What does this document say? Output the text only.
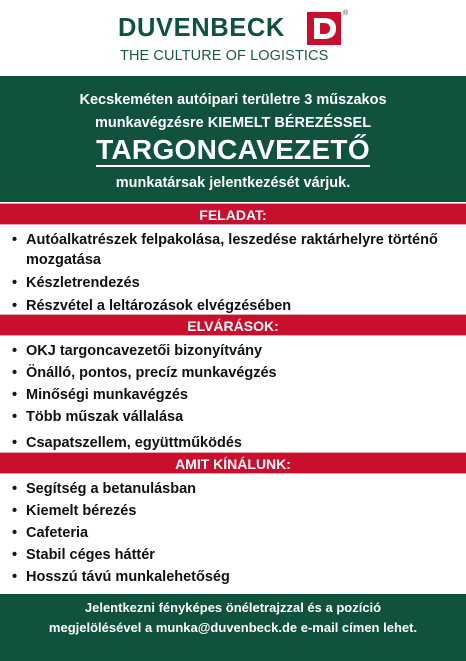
DUVENBECK
®
THE CULTURE OF LOGISTICS
Kecskeméten autóipari területre 3 műszakos
munkavégzésre KIEMELT BÉREZÉSSEL
TARGONCAVEZETŐ
munkatársak jelentkezését várjuk.
FELADAT:
• Autóalkatrészek felpakolása, leszedése raktárhelyre történő mozgatása
• Készletrendezés
• Részvétel a leltározások elvégzésében
ELVÁRÁSOK:
• OKJ targoncavezetői bizonyítvány
• Önálló, pontos, precíz munkavégzés
• Minőségi munkavégzés
• Több műszak vállalása
• Csapatszellem, együttműködés
AMIT KÍNÁLUNK:
• Segítség a betanulásban
• Kiemelt bérezés
• Cafeteria
• Stabil céges háttér
• Hosszú távú munkalehetőség
Jelentkezni fényképes önéletrajzzal és a pozíció
megjelölésével a munka@duvenbeck.de e-mail címen lehet.
